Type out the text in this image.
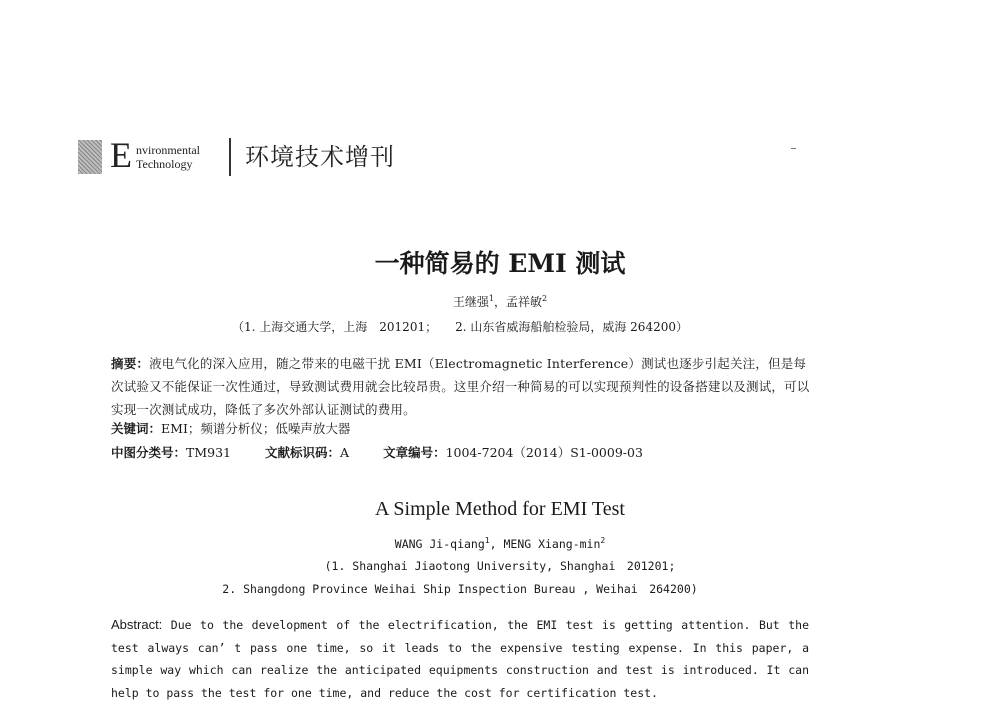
E nvironmental
Technology 环境技术增刊
一种简易的 EMI 测试
王继强$^1$，孟祥敏$^2$
（1. 上海交通大学，上海　201201；　　2. 山东省威海船舶检验局，威海 264200）
摘要：液电气化的深入应用，随之带来的电磁干扰 EMI（Electromagnetic Interference）测试也逐步引起关注，但是每次试验又不能保证一次性通过，导致测试费用就会比较昂贵。这里介绍一种简易的可以实现预判性的设备搭建以及测试，可以实现一次测试成功，降低了多次外部认证测试的费用。
关键词：EMI；频谱分析仪；低噪声放大器
中图分类号：TM931	文献标识码：A	文章编号：1004-7204（2014）S1-0009-03
A Simple Method for EMI Test
WANG Ji-qiang$^1$, MENG Xiang-$\min^2$
(1. Shanghai Jiaotong University, Shanghai　201201;
2. Shangdong Province Weihai Ship Inspection Bureau , Weihai　264200)
Abstract: Due to the development of the electrification, the EMI test is getting attention. But the test always can’ t pass one time, so it leads to the expensive testing expense. In this paper, a simple way which can realize the anticipated equipments construction and test is introduced. It can help to pass the test for one time, and reduce the cost for certification test.
